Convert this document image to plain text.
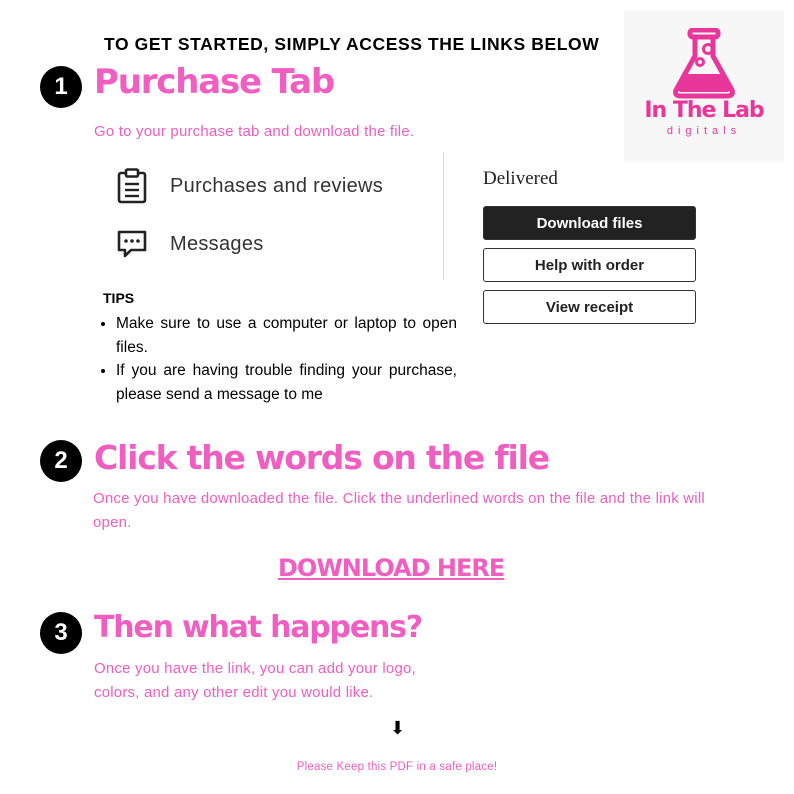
TO GET STARTED, SIMPLY ACCESS THE LINKS BELOW
In The Lab
digitals
1 Purchase Tab
Go to your purchase tab and download the file.
Purchases and reviews
Messages
Delivered
Download files
Help with order
View receipt
TIPS
• Make sure to use a computer or laptop to open files.
• If you are having trouble finding your purchase, please send a message to me
2 Click the words on the file
Once you have downloaded the file. Click the underlined words on the file and the link will open.
DOWNLOAD HERE
3 Then what happens?
Once you have the link, you can add your logo,
colors, and any other edit you would like.
⬇
Please Keep this PDF in a safe place!
